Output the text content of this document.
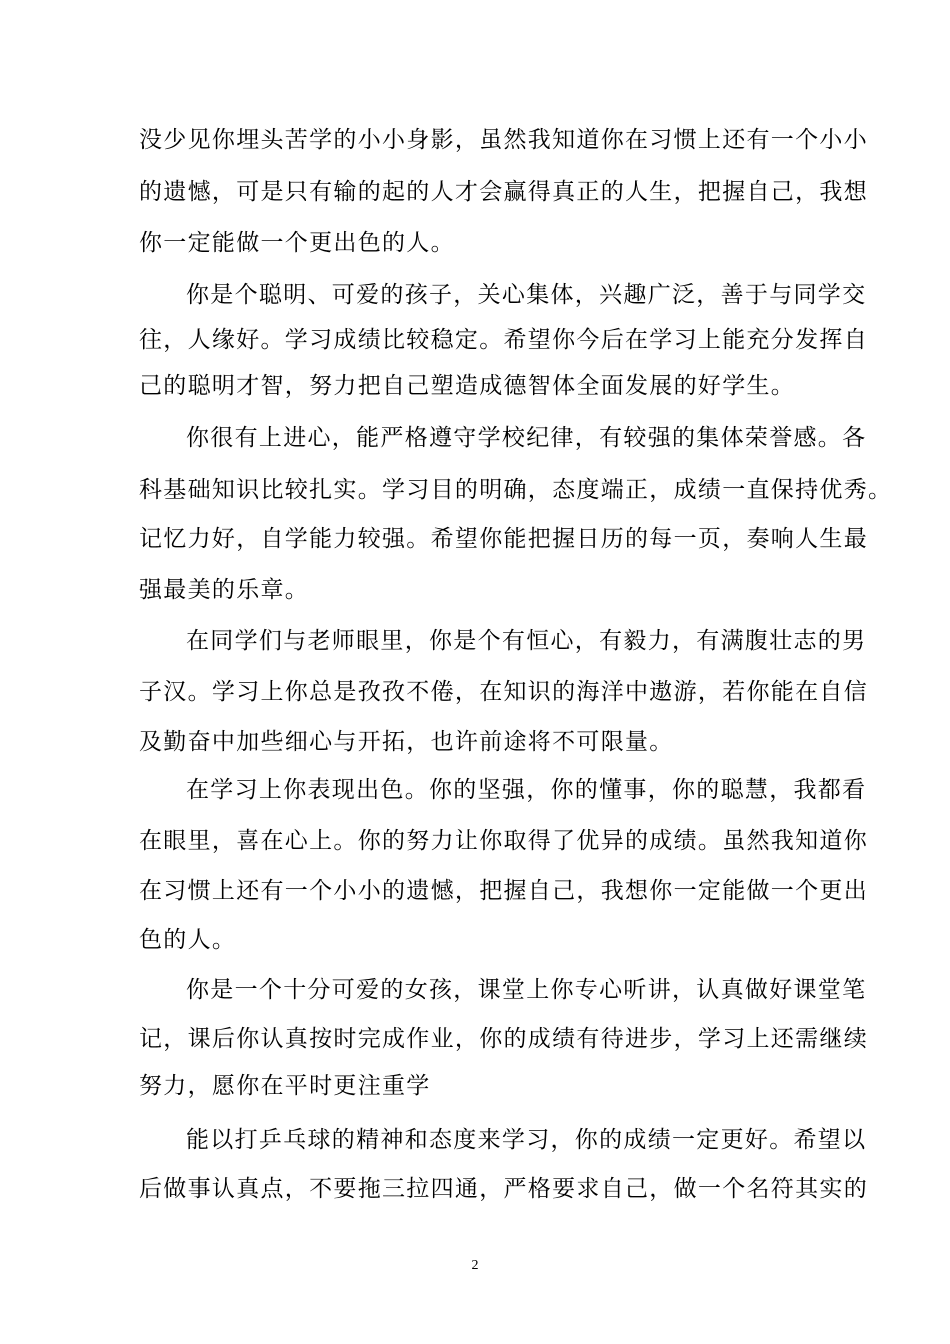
没少见你埋头苦学的小小身影，虽然我知道你在习惯上还有一个小小
的遗憾，可是只有输的起的人才会赢得真正的人生，把握自己，我想
你一定能做一个更出色的人。
你是个聪明、可爱的孩子，关心集体，兴趣广泛，善于与同学交
往，人缘好。学习成绩比较稳定。希望你今后在学习上能充分发挥自
己的聪明才智，努力把自己塑造成德智体全面发展的好学生。
你很有上进心，能严格遵守学校纪律，有较强的集体荣誉感。各
科基础知识比较扎实。学习目的明确，态度端正，成绩一直保持优秀。
记忆力好，自学能力较强。希望你能把握日历的每一页，奏响人生最
强最美的乐章。
在同学们与老师眼里，你是个有恒心，有毅力，有满腹壮志的男
子汉。学习上你总是孜孜不倦，在知识的海洋中遨游，若你能在自信
及勤奋中加些细心与开拓，也许前途将不可限量。
在学习上你表现出色。你的坚强，你的懂事，你的聪慧，我都看
在眼里，喜在心上。你的努力让你取得了优异的成绩。虽然我知道你
在习惯上还有一个小小的遗憾，把握自己，我想你一定能做一个更出
色的人。
你是一个十分可爱的女孩，课堂上你专心听讲，认真做好课堂笔
记，课后你认真按时完成作业，你的成绩有待进步，学习上还需继续
努力，愿你在平时更注重学
能以打乒乓球的精神和态度来学习，你的成绩一定更好。希望以
后做事认真点，不要拖三拉四通，严格要求自己，做一个名符其实的
2
